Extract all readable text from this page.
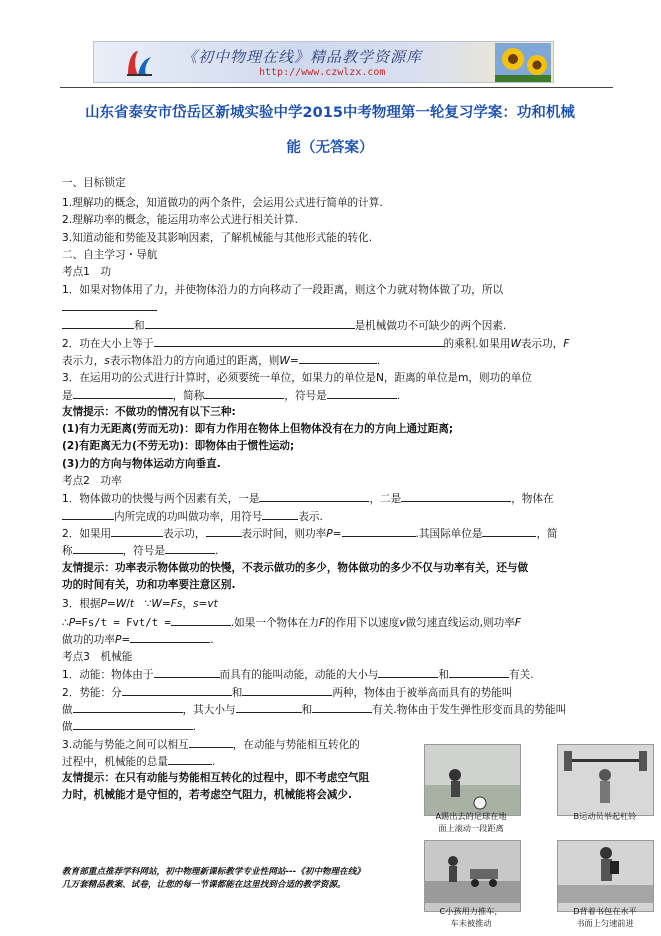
《初中物理在线》精品教学资源库
http://www.czwlzx.com
山东省泰安市岱岳区新城实验中学2015中考物理第一轮复习学案：功和机械
能（无答案）
一、目标锁定
1.理解功的概念，知道做功的两个条件，会运用公式进行简单的计算.
2.理解功率的概念，能运用功率公式进行相关计算.
3.知道动能和势能及其影响因素，了解机械能与其他形式能的转化.
二、自主学习・导航
考点1　功
1．如果对物体用了力，并使物体沿力的方向移动了一段距离，则这个力就对物体做了功，所以
和	是机械做功不可缺少的两个因素.
2．功在大小上等于	的乘积.如果用W表示功，F
表示力，s表示物体沿力的方向通过的距离，则W=	.
3．在运用功的公式进行计算时，必须要统一单位，如果力的单位是N，距离的单位是m，则功的单位
是	，简称	，符号是	.
友情提示：不做功的情况有以下三种:
(1)有力无距离(劳而无功)：即有力作用在物体上但物体没有在力的方向上通过距离;
(2)有距离无力(不劳无功)：即物体由于惯性运动;
(3)力的方向与物体运动方向垂直.
考点2　功率
1．物体做功的快慢与两个因素有关，一是	，二是	，物体在
内所完成的功叫做功率，用符号	表示.
2．如果用	表示功，	表示时间，则功率P=	.其国际单位是	，简
称	，符号是	.
友情提示：功率表示物体做功的快慢，不表示做功的多少，物体做功的多少不仅与功率有关，还与做
功的时间有关，功和功率要注意区别.
3．根据P=W/t　 ∵W=Fs，s=vt
∴P=Fs/t = Fvt/t =	.如果一个物体在力F的作用下以速度v做匀速直线运动,则功率F
做功的功率P=	.
考点3　机械能
1．动能：物体由于	而具有的能叫动能，动能的大小与	和	有关.
2．势能：分	和	两种，物体由于被举高而具有的势能叫
做	，其大小与	和	有关.物体由于发生弹性形变而具的势能叫
做	.
3.动能与势能之间可以相互	，在动能与势能相互转化的
过程中，机械能的总量	.
友情提示：在只有动能与势能相互转化的过程中，即不考虑空气阻
力时，机械能才是守恒的，若考虑空气阻力，机械能将会减少.
A踢出去的足球在地
面上滚动一段距离
B运动员举起杠铃
C小孩用力推车，
车未被推动
D背着书包在水平
书面上匀速前进
教育部重点推荐学科网站，初中物理新课标教学专业性网站---《初中物理在线》
几万套精品教案、试卷，让您的每一节课都能在这里找到合适的教学资源。
